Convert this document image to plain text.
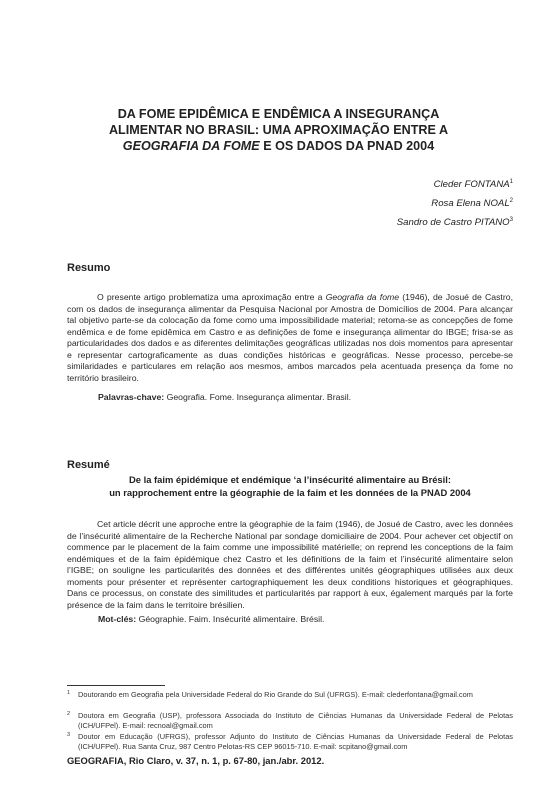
DA FOME EPIDÊMICA E ENDÊMICA A INSEGURANÇA
ALIMENTAR NO BRASIL: UMA APROXIMAÇÃO ENTRE A
GEOGRAFIA DA FOME E OS DADOS DA PNAD 2004
Cleder FONTANA$^1$
Rosa Elena NOAL$^2$
Sandro de Castro PITANO$^3$
Resumo

O presente artigo problematiza uma aproximação entre a Geografia da fome (1946), de Josué de Castro, com os dados de insegurança alimentar da Pesquisa Nacional por Amostra de Domicílios de 2004. Para alcançar tal objetivo parte-se da colocação da fome como uma impossibilidade material; retoma-se as concepções de fome endêmica e de fome epidêmica em Castro e as definições de fome e insegurança alimentar do IBGE; frisa-se as particularidades dos dados e as diferentes delimitações geográficas utilizadas nos dois momentos para apresentar e representar cartograficamente as duas condições históricas e geográficas. Nesse processo, percebe-se similaridades e particulares em relação aos mesmos, ambos marcados pela acentuada presença da fome no território brasileiro.

Palavras-chave: Geografia. Fome. Insegurança alimentar. Brasil.
Resumé
De la faim épidémique et endémique ‘a l’insécurité alimentaire au Brésil:
un rapprochement entre la géographie de la faim et les données de la PNAD 2004

Cet article décrit une approche entre la géographie de la faim (1946), de Josué de Castro, avec les données de l’insécurité alimentaire de la Recherche National par sondage domiciliaire de 2004. Pour achever cet objectif on commence par le placement de la faim comme une impossibilité matérielle; on reprend les conceptions de la faim endémiques et de la faim épidémique chez Castro et les définitions de la faim et l’insécurité alimentaire selon l’IGBE; on souligne les particularités des données et des différentes unités géographiques utilisées aux deux moments pour présenter et représenter cartographiquement les deux conditions historiques et géographiques. Dans ce processus, on constate des similitudes et particularités par rapport à eux, également marqués par la forte présence de la faim dans le territoire brésilien.

Mot-clés: Géographie. Faim. Insécurité alimentaire. Brésil.
1	Doutorando em Geografia pela Universidade Federal do Rio Grande do Sul (UFRGS). E-mail: clederfontana@gmail.com
2	Doutora em Geografia (USP), professora Associada do Instituto de Ciências Humanas da Universidade Federal de Pelotas (ICH/UFPel). E-mail: recnoal@gmail.com
3	Doutor em Educação (UFRGS), professor Adjunto do Instituto de Ciências Humanas da Universidade Federal de Pelotas (ICH/UFPel). Rua Santa Cruz, 987 Centro Pelotas-RS CEP 96015-710. E-mail: scpitano@gmail.com
GEOGRAFIA, Rio Claro, v. 37, n. 1, p. 67-80, jan./abr. 2012.
